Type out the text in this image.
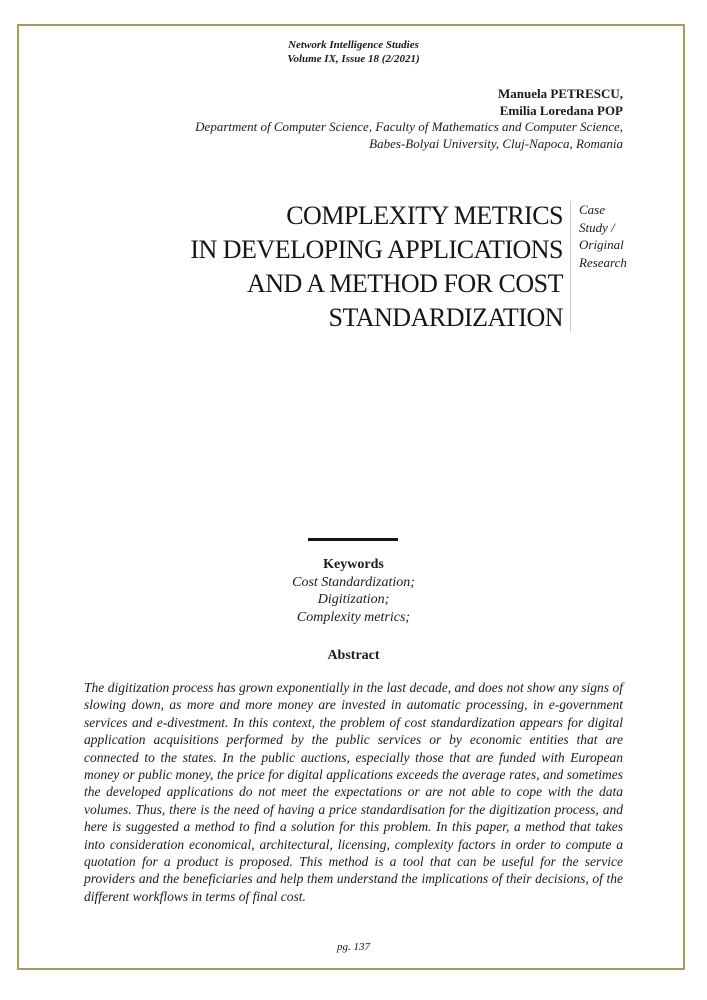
Network Intelligence Studies
Volume IX, Issue 18 (2/2021)
Manuela PETRESCU,
Emilia Loredana POP
Department of Computer Science, Faculty of Mathematics and Computer Science,
Babes-Bolyai University, Cluj-Napoca, Romania
COMPLEXITY METRICS
IN DEVELOPING APPLICATIONS
AND A METHOD FOR COST
STANDARDIZATION
Case Study / Original Research
Keywords
Cost Standardization;
Digitization;
Complexity metrics;
Abstract
The digitization process has grown exponentially in the last decade, and does not show any signs of slowing down, as more and more money are invested in automatic processing, in e-government services and e-divestment. In this context, the problem of cost standardization appears for digital application acquisitions performed by the public services or by economic entities that are connected to the states. In the public auctions, especially those that are funded with European money or public money, the price for digital applications exceeds the average rates, and sometimes the developed applications do not meet the expectations or are not able to cope with the data volumes. Thus, there is the need of having a price standardisation for the digitization process, and here is suggested a method to find a solution for this problem. In this paper, a method that takes into consideration economical, architectural, licensing, complexity factors in order to compute a quotation for a product is proposed. This method is a tool that can be useful for the service providers and the beneficiaries and help them understand the implications of their decisions, of the different workflows in terms of final cost.
pg. 137
